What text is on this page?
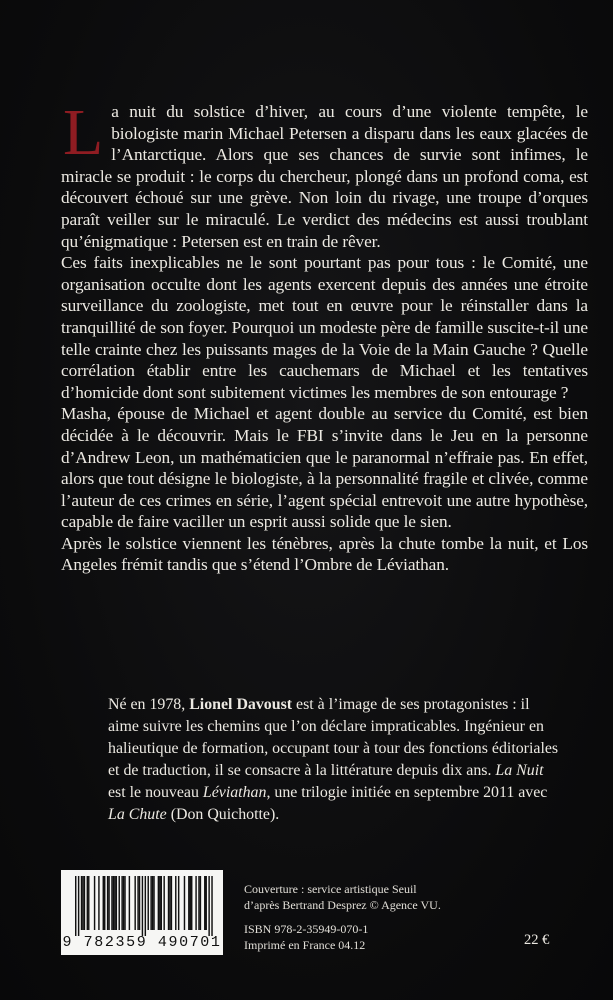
La nuit du solstice d’hiver, au cours d’une violente tempête, le biologiste marin Michael Petersen a disparu dans les eaux glacées de l’Antarctique. Alors que ses chances de survie sont infimes, le miracle se produit : le corps du chercheur, plongé dans un profond coma, est découvert échoué sur une grève. Non loin du rivage, une troupe d’orques paraît veiller sur le miraculé. Le verdict des médecins est aussi troublant qu’énigmatique : Petersen est en train de rêver.

Ces faits inexplicables ne le sont pourtant pas pour tous : le Comité, une organisation occulte dont les agents exercent depuis des années une étroite surveillance du zoologiste, met tout en œuvre pour le réinstaller dans la tranquillité de son foyer. Pourquoi un modeste père de famille suscite-t-il une telle crainte chez les puissants mages de la Voie de la Main Gauche ? Quelle corrélation établir entre les cauchemars de Michael et les tentatives d’homicide dont sont subitement victimes les membres de son entourage ?

Masha, épouse de Michael et agent double au service du Comité, est bien décidée à le découvrir. Mais le FBI s’invite dans le Jeu en la personne d’Andrew Leon, un mathématicien que le paranormal n’effraie pas. En effet, alors que tout désigne le biologiste, à la personnalité fragile et clivée, comme l’auteur de ces crimes en série, l’agent spécial entrevoit une autre hypothèse, capable de faire vaciller un esprit aussi solide que le sien.

Après le solstice viennent les ténèbres, après la chute tombe la nuit, et Los Angeles frémit tandis que s’étend l’Ombre de Léviathan.

Né en 1978, Lionel Davoust est à l’image de ses protagonistes : il aime suivre les chemins que l’on déclare impraticables. Ingénieur en halieutique de formation, occupant tour à tour des fonctions éditoriales et de traduction, il se consacre à la littérature depuis dix ans. La Nuit est le nouveau Léviathan, une trilogie initiée en septembre 2011 avec La Chute (Don Quichotte).
9 782359 490701
Couverture : service artistique Seuil
d’après Bertrand Desprez © Agence VU.
ISBN 978-2-35949-070-1
Imprimé en France 04.12	22 €
